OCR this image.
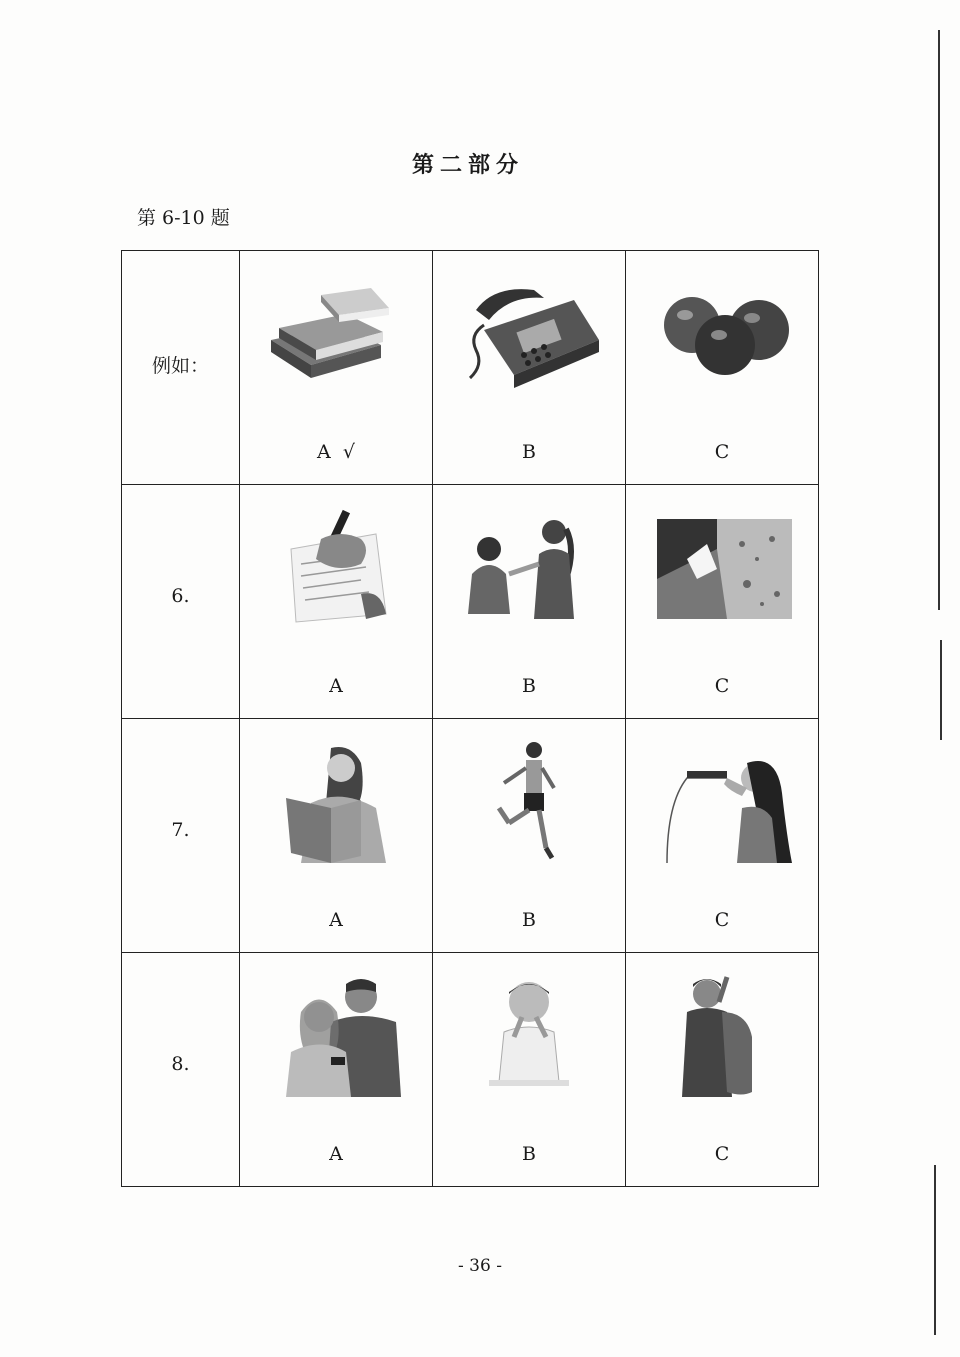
第二部分
第 6-10 题
例如：	A √	B	C

6.	A	B	C

7.	A	B	C

8.	A	B	C
- 36 -
